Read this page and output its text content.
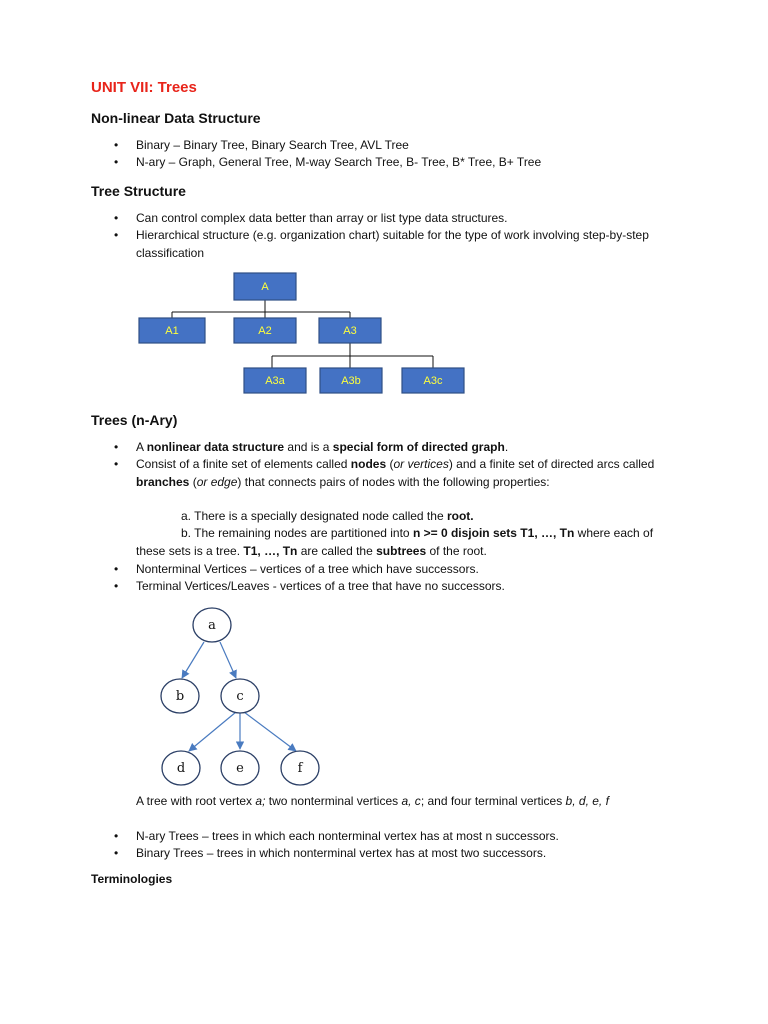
UNIT VII: Trees
Non-linear Data Structure
• Binary – Binary Tree, Binary Search Tree, AVL Tree
• N-ary – Graph, General Tree, M-way Search Tree, B- Tree, B* Tree, B+ Tree
Tree Structure
• Can control complex data better than array or list type data structures.
• Hierarchical structure (e.g. organization chart) suitable for the type of work involving step-by-step classification
A
A1	A2	A3
A3a	A3b	A3c
Trees (n-Ary)
• A nonlinear data structure and is a special form of directed graph.
• Consist of a finite set of elements called nodes (or vertices) and a finite set of directed arcs called branches (or edge) that connects pairs of nodes with the following properties:
a. There is a specially designated node called the root.
b. The remaining nodes are partitioned into n >= 0 disjoin sets T1, …, Tn where each of these sets is a tree. T1, …, Tn are called the subtrees of the root.
• Nonterminal Vertices – vertices of a tree which have successors.
• Terminal Vertices/Leaves - vertices of a tree that have no successors.
a
b	c
d	e	f
A tree with root vertex a; two nonterminal vertices a, c; and four terminal vertices b, d, e, f
• N-ary Trees – trees in which each nonterminal vertex has at most n successors.
• Binary Trees – trees in which nonterminal vertex has at most two successors.
Terminologies
